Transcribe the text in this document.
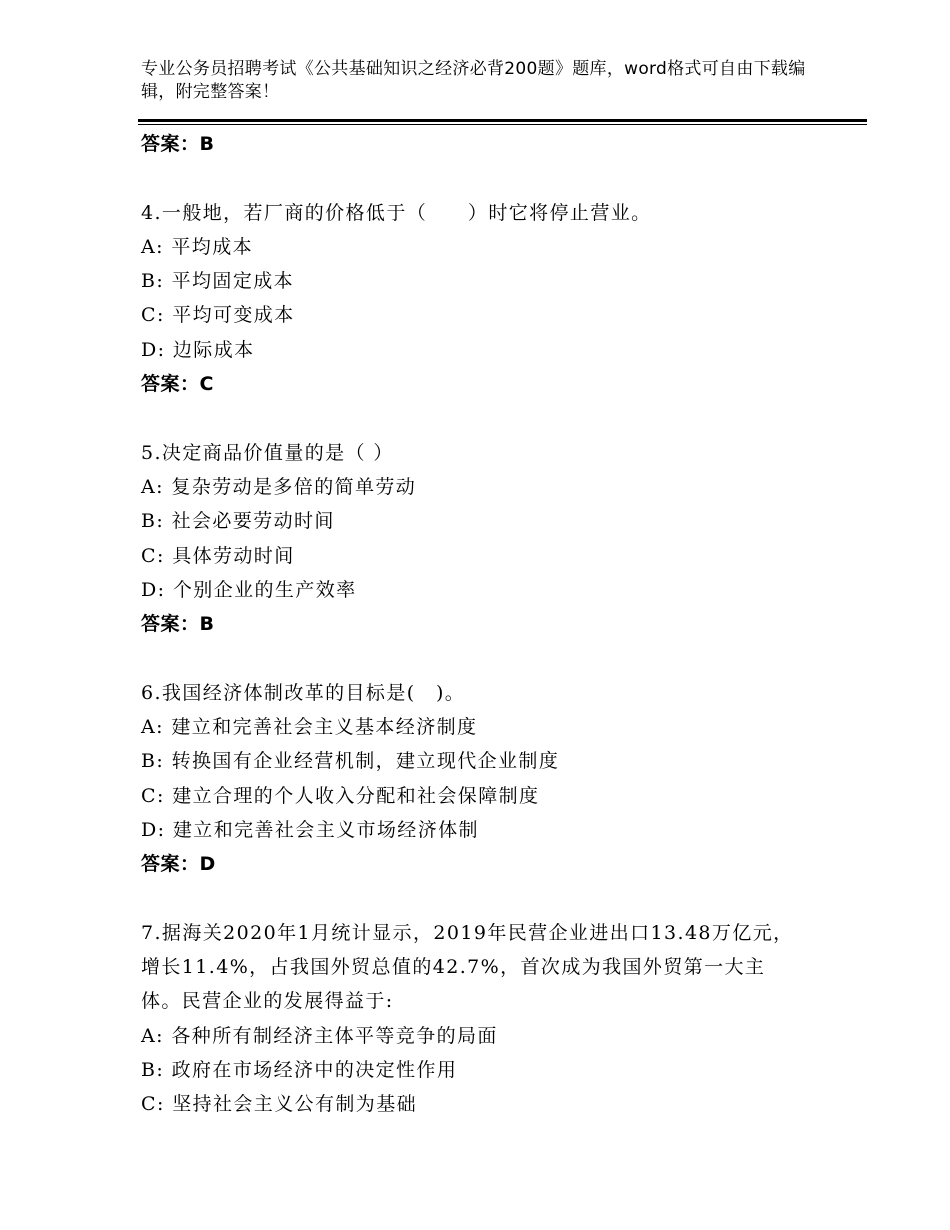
专业公务员招聘考试《公共基础知识之经济必背200题》题库，word格式可自由下载编辑，附完整答案！
答案：B
4.一般地，若厂商的价格低于（　　）时它将停止营业。
A: 平均成本
B: 平均固定成本
C: 平均可变成本
D: 边际成本
答案：C
5.决定商品价值量的是（ ）
A: 复杂劳动是多倍的简单劳动
B: 社会必要劳动时间
C: 具体劳动时间
D: 个别企业的生产效率
答案：B
6.我国经济体制改革的目标是(　)。
A: 建立和完善社会主义基本经济制度
B: 转换国有企业经营机制，建立现代企业制度
C: 建立合理的个人收入分配和社会保障制度
D: 建立和完善社会主义市场经济体制
答案：D
7.据海关2020年1月统计显示，2019年民营企业进出口13.48万亿元，增长11.4%，占我国外贸总值的42.7%，首次成为我国外贸第一大主体。民营企业的发展得益于:
A: 各种所有制经济主体平等竞争的局面
B: 政府在市场经济中的决定性作用
C: 坚持社会主义公有制为基础
